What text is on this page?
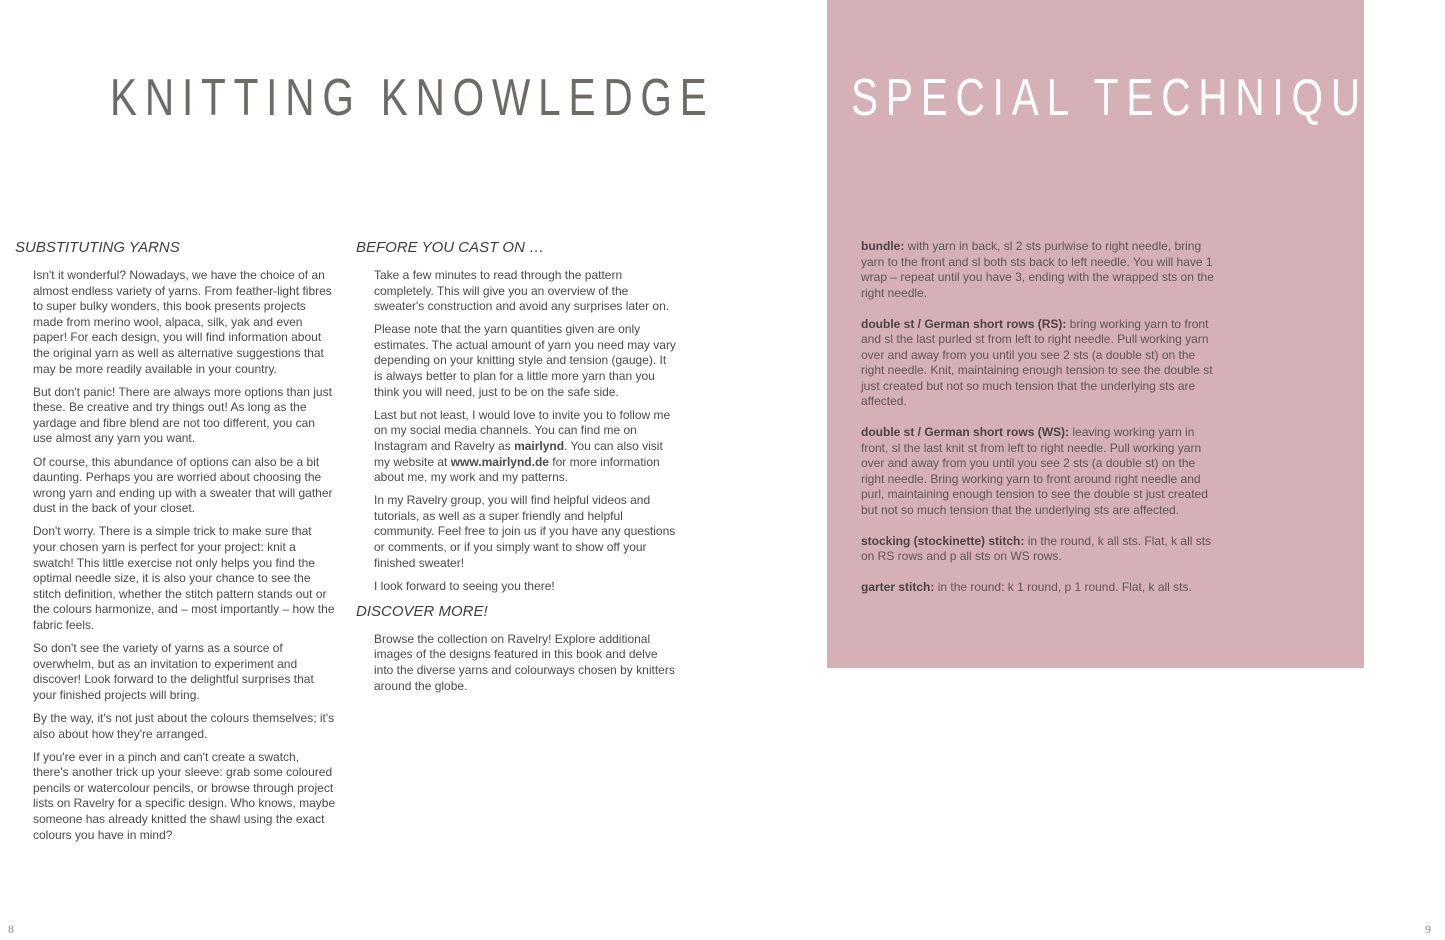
KNITTING KNOWLEDGE	SPECIAL TECHNIQUES
bundle: with yarn in back, sl 2 sts purlwise to right needle, bring yarn to the front and sl both sts back to left needle. You will have 1 wrap – repeat until you have 3, ending with the wrapped sts on the right needle.
double st / German short rows (RS): bring working yarn to front and sl the last purled st from left to right needle. Pull working yarn over and away from you until you see 2 sts (a double st) on the right needle. Knit, maintaining enough tension to see the double st just created but not so much tension that the underlying sts are affected.
double st / German short rows (WS): leaving working yarn in front, sl the last knit st from left to right needle. Pull working yarn over and away from you until you see 2 sts (a double st) on the right needle. Bring working yarn to front around right needle and purl, maintaining enough tension to see the double st just created but not so much tension that the underlying sts are affected.
stocking (stockinette) stitch: in the round, k all sts. Flat, k all sts on RS rows and p all sts on WS rows.
garter stitch: in the round: k 1 round, p 1 round. Flat, k all sts.
SUBSTITUTING YARNS

Isn't it wonderful? Nowadays, we have the choice of an almost endless variety of yarns. From feather-light fibres to super bulky wonders, this book presents projects made from merino wool, alpaca, silk, yak and even paper! For each design, you will find information about the original yarn as well as alternative suggestions that may be more readily available in your country.

But don't panic! There are always more options than just these. Be creative and try things out! As long as the yardage and fibre blend are not too different, you can use almost any yarn you want.

Of course, this abundance of options can also be a bit daunting. Perhaps you are worried about choosing the wrong yarn and ending up with a sweater that will gather dust in the back of your closet.

Don't worry. There is a simple trick to make sure that your chosen yarn is perfect for your project: knit a swatch! This little exercise not only helps you find the optimal needle size, it is also your chance to see the stitch definition, whether the stitch pattern stands out or the colours harmonize, and – most importantly – how the fabric feels.

So don't see the variety of yarns as a source of overwhelm, but as an invitation to experiment and discover! Look forward to the delightful surprises that your finished projects will bring.

By the way, it's not just about the colours themselves; it's also about how they're arranged.

If you're ever in a pinch and can't create a swatch, there's another trick up your sleeve: grab some coloured pencils or watercolour pencils, or browse through project lists on Ravelry for a specific design. Who knows, maybe someone has already knitted the shawl using the exact colours you have in mind?

BEFORE YOU CAST ON …

Take a few minutes to read through the pattern completely. This will give you an overview of the sweater's construction and avoid any surprises later on.

Please note that the yarn quantities given are only estimates. The actual amount of yarn you need may vary depending on your knitting style and tension (gauge). It is always better to plan for a little more yarn than you think you will need, just to be on the safe side.

Last but not least, I would love to invite you to follow me on my social media channels. You can find me on Instagram and Ravelry as mairlynd. You can also visit my website at www.mairlynd.de for more information about me, my work and my patterns.

In my Ravelry group, you will find helpful videos and tutorials, as well as a super friendly and helpful community. Feel free to join us if you have any questions or comments, or if you simply want to show off your finished sweater!

I look forward to seeing you there!

DISCOVER MORE!

Browse the collection on Ravelry! Explore additional images of the designs featured in this book and delve into the diverse yarns and colourways chosen by knitters around the globe.

8	9
